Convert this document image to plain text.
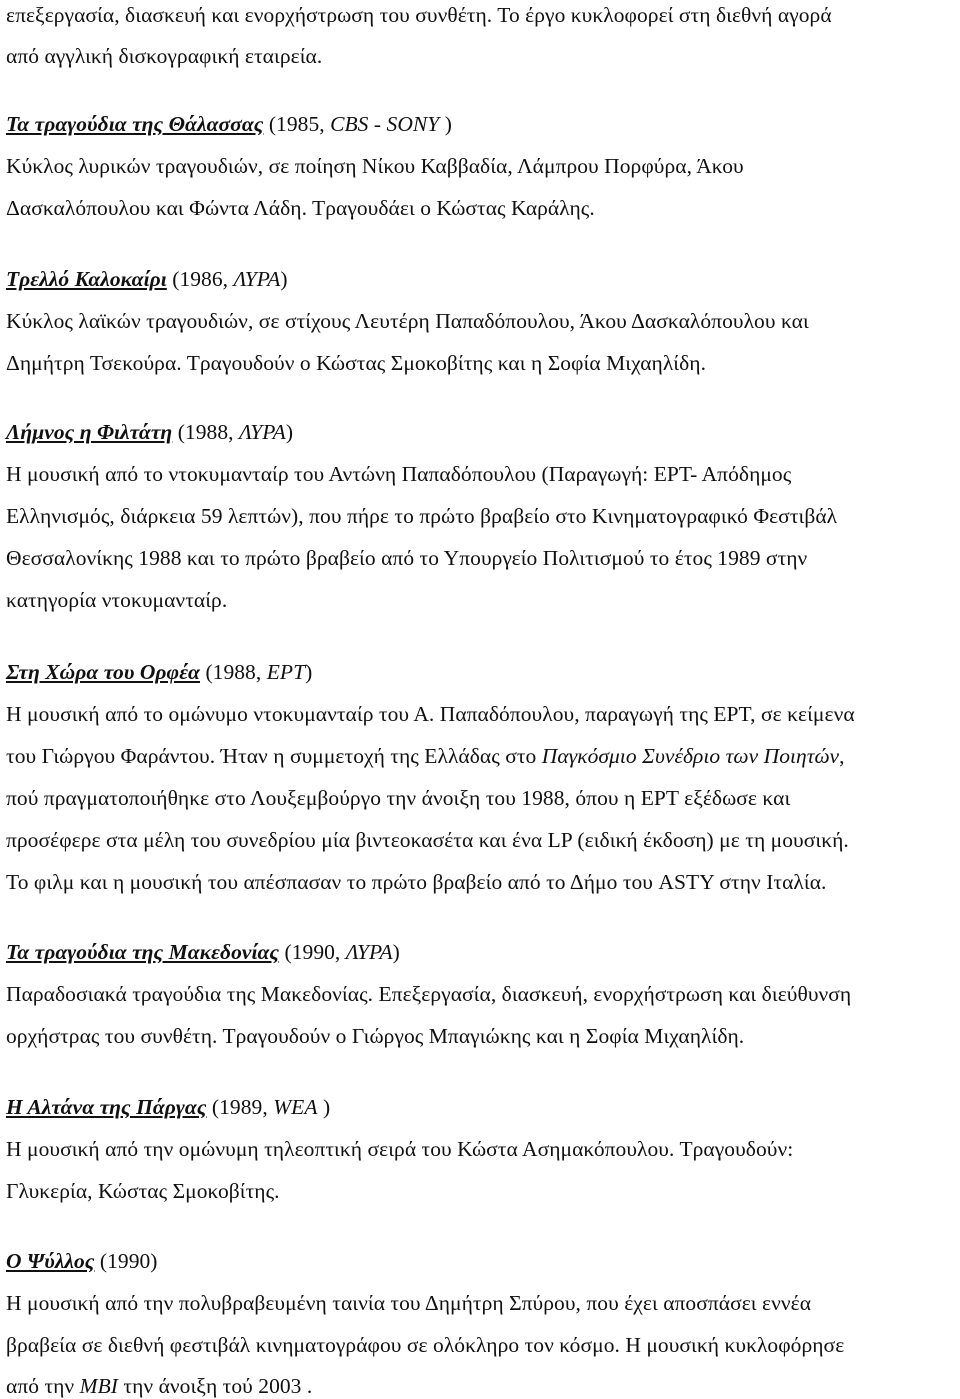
επεξεργασία, διασκευή και ενορχήστρωση του συνθέτη. Το έργο κυκλοφορεί στη διεθνή αγορά
από αγγλική δισκογραφική εταιρεία.
Τα τραγούδια της Θάλασσας (1985, CBS - SONY )
Κύκλος λυρικών τραγουδιών, σε ποίηση Νίκου Καββαδία, Λάμπρου Πορφύρα, Άκου
Δασκαλόπουλου και Φώντα Λάδη. Τραγουδάει ο Κώστας Καράλης.
Τρελλό Καλοκαίρι (1986, ΛΥΡΑ)
Κύκλος λαϊκών τραγουδιών, σε στίχους Λευτέρη Παπαδόπουλου, Άκου Δασκαλόπουλου και
Δημήτρη Τσεκούρα. Τραγουδούν ο Κώστας Σμοκοβίτης και η Σοφία Μιχαηλίδη.
Λήμνος η Φιλτάτη (1988, ΛΥΡΑ)
Η μουσική από το ντοκυμανταίρ του Αντώνη Παπαδόπουλου (Παραγωγή: ΕΡΤ- Απόδημος
Ελληνισμός, διάρκεια 59 λεπτών), που πήρε το πρώτο βραβείο στο Κινηματογραφικό Φεστιβάλ
Θεσσαλονίκης 1988 και το πρώτο βραβείο από το Υπουργείο Πολιτισμού το έτος 1989 στην
κατηγορία ντοκυμανταίρ.
Στη Χώρα του Ορφέα (1988, ΕΡΤ)
Η μουσική από το ομώνυμο ντοκυμανταίρ του Α. Παπαδόπουλου, παραγωγή της ΕΡΤ, σε κείμενα
του Γιώργου Φαράντου. Ήταν η συμμετοχή της Ελλάδας στο Παγκόσμιο Συνέδριο των Ποιητών,
πού πραγματοποιήθηκε στο Λουξεμβούργο την άνοιξη του 1988, όπου η ΕΡΤ εξέδωσε και
προσέφερε στα μέλη του συνεδρίου μία βιντεοκασέτα και ένα LP (ειδική έκδοση) με τη μουσική.
Το φιλμ και η μουσική του απέσπασαν το πρώτο βραβείο από το Δήμο του ASTY στην Ιταλία.
Τα τραγούδια της Μακεδονίας (1990, ΛΥΡΑ)
Παραδοσιακά τραγούδια της Μακεδονίας. Επεξεργασία, διασκευή, ενορχήστρωση και διεύθυνση
ορχήστρας του συνθέτη. Τραγουδούν ο Γιώργος Μπαγιώκης και η Σοφία Μιχαηλίδη.
Η Αλτάνα της Πάργας (1989, WEA )
Η μουσική από την ομώνυμη τηλεοπτική σειρά του Κώστα Ασημακόπουλου. Τραγουδούν:
Γλυκερία, Κώστας Σμοκοβίτης.
Ο Ψύλλος (1990)
Η μουσική από την πολυβραβευμένη ταινία του Δημήτρη Σπύρου, που έχει αποσπάσει εννέα
βραβεία σε διεθνή φεστιβάλ κινηματογράφου σε ολόκληρο τον κόσμο. Η μουσική κυκλοφόρησε
από την MBI την άνοιξη τού 2003 .
